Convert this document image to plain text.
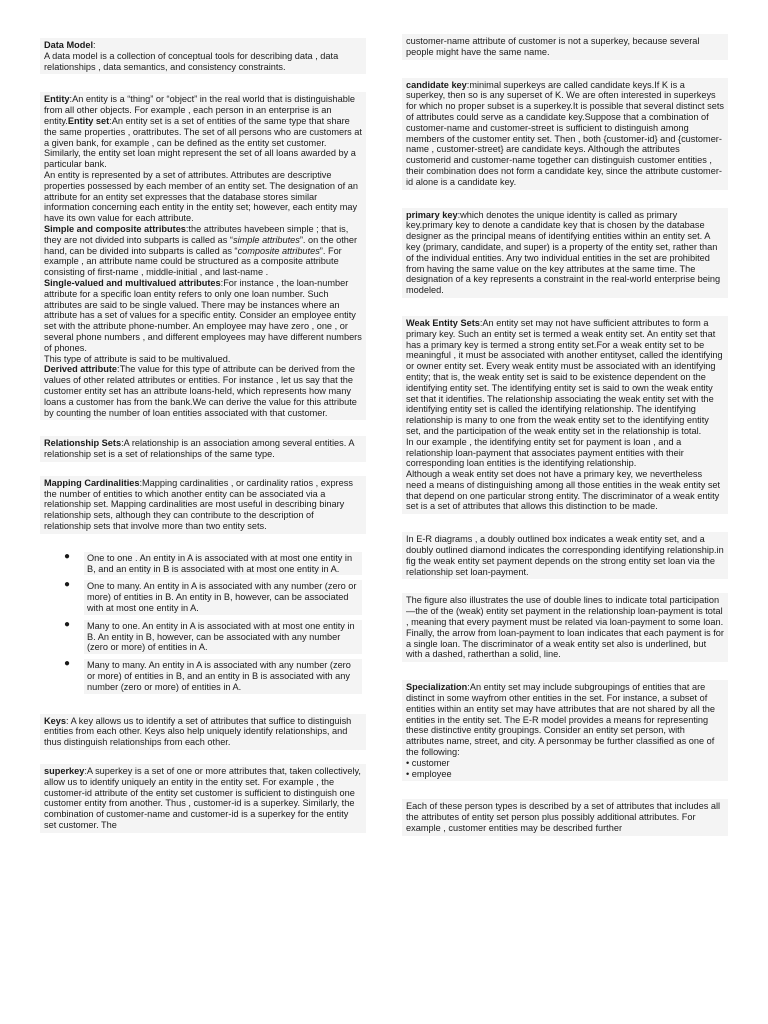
Data Model:
A data model is a collection of conceptual tools for describing data , data relationships , data semantics, and consistency constraints.

Entity:An entity is a “thing” or “object” in the real world that is distinguishable from all other objects. For example , each person in an enterprise is an entity.Entity set:An entity set is a set of entities of the same type that share the same properties , orattributes. The set of all persons who are customers at a given bank, for example , can be defined as the entity set customer. Similarly, the entity set loan might represent the set of all loans awarded by a particular bank.

An entity is represented by a set of attributes. Attributes are descriptive properties possessed by each member of an entity set. The designation of an attribute for an entity set expresses that the database stores similar information concerning each entity in the entity set; however, each entity may have its own value for each attribute.

Simple and composite attributes:the attributes havebeen simple ; that is, they are not divided into subparts is called as “simple attributes”. on the other hand, can be divided into subparts is called as “composite attributes”. For example , an attribute name could be structured as a composite attribute consisting of first-name , middle-initial , and last-name .

Single-valued and multivalued attributes:For instance , the loan-number attribute for a specific loan entity refers to only one loan number. Such attributes are said to be single valued. There may be instances where an attribute has a set of values for a specific entity. Consider an employee entity set with the attribute phone-number. An employee may have zero , one , or several phone numbers , and different employees may have different numbers of phones.

This type of attribute is said to be multivalued.

Derived attribute:The value for this type of attribute can be derived from the values of other related attributes or entities. For instance , let us say that the customer entity set has an attribute loans-held, which represents how many loans a customer has from the bank.We can derive the value for this attribute by counting the number of loan entities associated with that customer.

Relationship Sets:A relationship is an association among several entities. A relationship set is a set of relationships of the same type.

Mapping Cardinalities:Mapping cardinalities , or cardinality ratios , express the number of entities to which another entity can be associated via a relationship set. Mapping cardinalities are most useful in describing binary relationship sets, although they can contribute to the description of relationship sets that involve more than two entity sets.

●	One to one . An entity in A is associated with at most one entity in B, and an entity in B is associated with at most one entity in A.
●	One to many. An entity in A is associated with any number (zero or more) of entities in B. An entity in B, however, can be associated with at most one entity in A.
●	Many to one. An entity in A is associated with at most one entity in B. An entity in B, however, can be associated with any number (zero or more) of entities in A.
●	Many to many. An entity in A is associated with any number (zero or more) of entities in B, and an entity in B is associated with any number (zero or more) of entities in A.

Keys: A key allows us to identify a set of attributes that suffice to distinguish entities from each other. Keys also help uniquely identify relationships, and thus distinguish relationships from each other.

superkey:A superkey is a set of one or more attributes that, taken collectively, allow us to identify uniquely an entity in the entity set. For example , the customer-id attribute of the entity set customer is sufficient to distinguish one customer entity from another. Thus , customer-id is a superkey. Similarly, the combination of customer-name and customer-id is a superkey for the entity set customer. The

customer-name attribute of customer is not a superkey, because several people might have the same name.

candidate key:minimal superkeys are called candidate keys.If K is a superkey, then so is any superset of K. We are often interested in superkeys for which no proper subset is a superkey.It is possible that several distinct sets of attributes could serve as a candidate key.Suppose that a combination of customer-name and customer-street is sufficient to distinguish among members of the customer entity set. Then , both {customer-id} and {customer-name , customer-street} are candidate keys. Although the attributes customerid and customer-name together can distinguish customer entities , their combination does not form a candidate key, since the attribute customer-id alone is a candidate key.

primary key:which denotes the unique identity is called as primary key.primary key to denote a candidate key that is chosen by the database designer as the principal means of identifying entities within an entity set. A key (primary, candidate, and super) is a property of the entity set, rather than of the individual entities. Any two individual entities in the set are prohibited from having the same value on the key attributes at the same time. The designation of a key represents a constraint in the real-world enterprise being modeled.

Weak Entity Sets:An entity set may not have sufficient attributes to form a primary key. Such an entity set is termed a weak entity set. An entity set that has a primary key is termed a strong entity set.For a weak entity set to be meaningful , it must be associated with another entityset, called the identifying or owner entity set. Every weak entity must be associated with an identifying entity; that is, the weak entity set is said to be existence dependent on the identifying entity set. The identifying entity set is said to own the weak entity set that it identifies. The relationship associating the weak entity set with the identifying entity set is called the identifying relationship. The identifying relationship is many to one from the weak entity set to the identifying entity set, and the participation of the weak entity set in the relationship is total.

In our example , the identifying entity set for payment is loan , and a relationship loan-payment that associates payment entities with their corresponding loan entities is the identifying relationship.

Although a weak entity set does not have a primary key, we nevertheless need a means of distinguishing among all those entities in the weak entity set that depend on one particular strong entity. The discriminator of a weak entity set is a set of attributes that allows this distinction to be made.

In E-R diagrams , a doubly outlined box indicates a weak entity set, and a doubly outlined diamond indicates the corresponding identifying relationship.in fig the weak entity set payment depends on the strong entity set loan via the relationship set loan-payment.

The figure also illustrates the use of double lines to indicate total participation—the of the (weak) entity set payment in the relationship loan-payment is total , meaning that every payment must be related via loan-payment to some loan. Finally, the arrow from loan-payment to loan indicates that each payment is for a single loan. The discriminator of a weak entity set also is underlined, but with a dashed, ratherthan a solid, line.

Specialization:An entity set may include subgroupings of entities that are distinct in some wayfrom other entities in the set. For instance, a subset of entities within an entity set may have attributes that are not shared by all the entities in the entity set. The E-R model provides a means for representing these distinctive entity groupings. Consider an entity set person, with attributes name, street, and city. A personmay be further classified as one of the following:

• customer

• employee

Each of these person types is described by a set of attributes that includes all the attributes of entity set person plus possibly additional attributes. For example , customer entities may be described further
